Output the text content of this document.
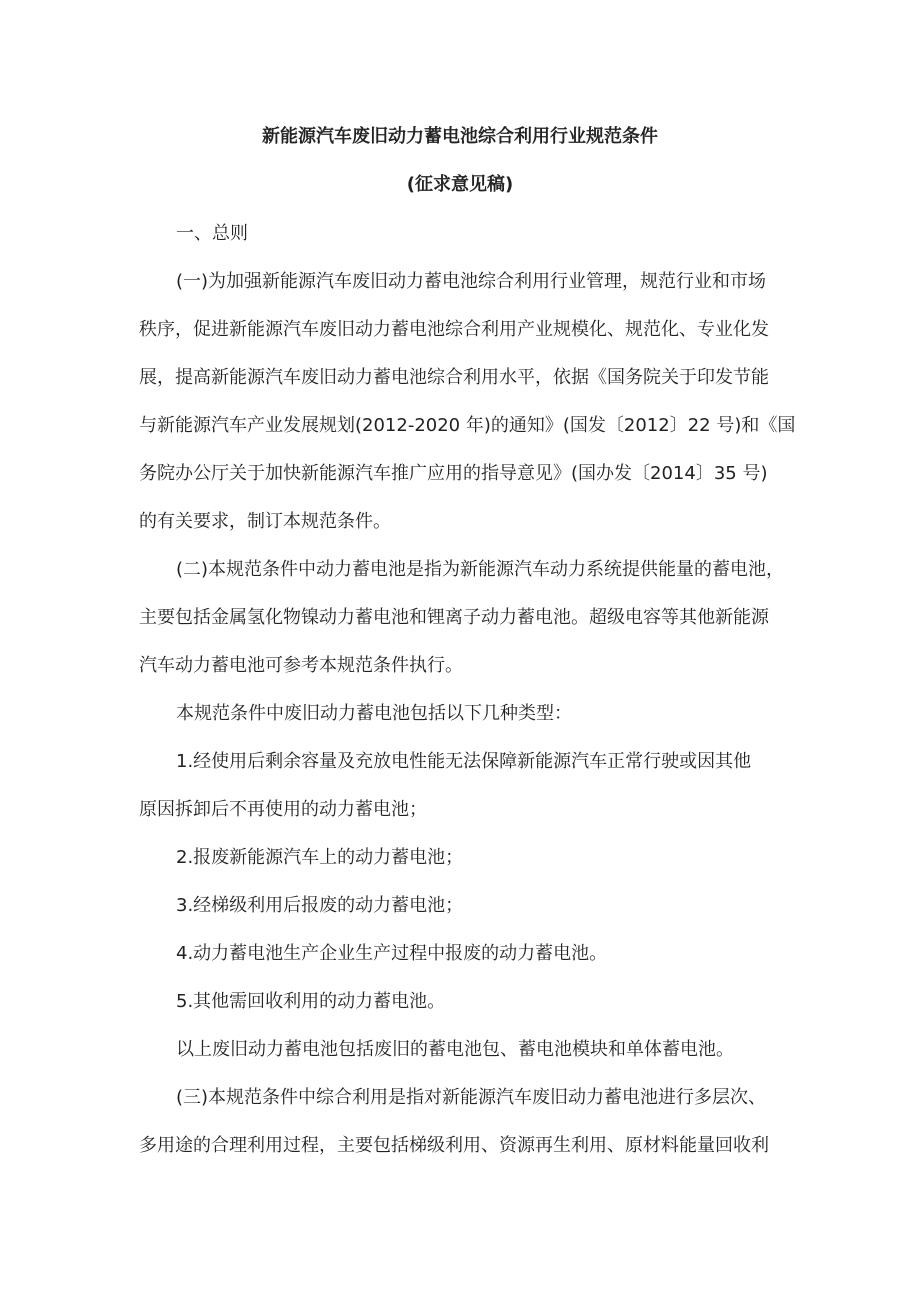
新能源汽车废旧动力蓄电池综合利用行业规范条件
(征求意见稿)
一、总则
(一)为加强新能源汽车废旧动力蓄电池综合利用行业管理，规范行业和市场
秩序，促进新能源汽车废旧动力蓄电池综合利用产业规模化、规范化、专业化发
展，提高新能源汽车废旧动力蓄电池综合利用水平，依据《国务院关于印发节能
与新能源汽车产业发展规划(2012-2020 年)的通知》(国发〔2012〕22 号)和《国
务院办公厅关于加快新能源汽车推广应用的指导意见》(国办发〔2014〕35 号)
的有关要求，制订本规范条件。
(二)本规范条件中动力蓄电池是指为新能源汽车动力系统提供能量的蓄电池，
主要包括金属氢化物镍动力蓄电池和锂离子动力蓄电池。超级电容等其他新能源
汽车动力蓄电池可参考本规范条件执行。
本规范条件中废旧动力蓄电池包括以下几种类型：
1.经使用后剩余容量及充放电性能无法保障新能源汽车正常行驶或因其他
原因拆卸后不再使用的动力蓄电池；
2.报废新能源汽车上的动力蓄电池；
3.经梯级利用后报废的动力蓄电池；
4.动力蓄电池生产企业生产过程中报废的动力蓄电池。
5.其他需回收利用的动力蓄电池。
以上废旧动力蓄电池包括废旧的蓄电池包、蓄电池模块和单体蓄电池。
(三)本规范条件中综合利用是指对新能源汽车废旧动力蓄电池进行多层次、
多用途的合理利用过程，主要包括梯级利用、资源再生利用、原材料能量回收利
